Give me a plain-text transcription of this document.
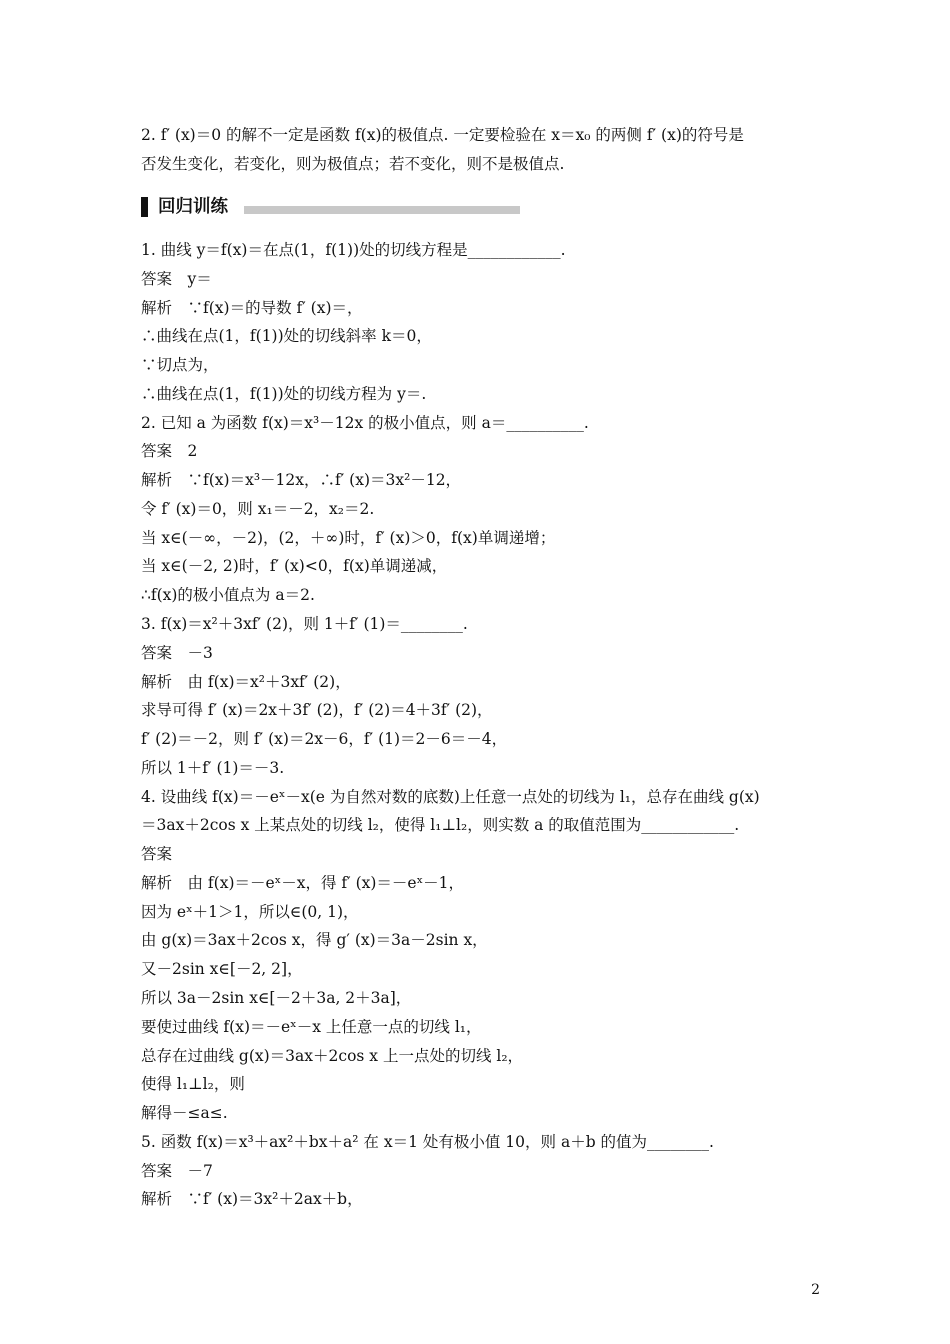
2. f′ (x)＝0 的解不一定是函数 f(x)的极值点. 一定要检验在 x＝x₀ 的两侧 f′ (x)的符号是
否发生变化，若变化，则为极值点；若不变化，则不是极值点.
回归训练
1. 曲线 y＝f(x)＝在点(1，f(1))处的切线方程是____________.
答案　y＝
解析　∵f(x)＝的导数 f′ (x)＝，
∴曲线在点(1，f(1))处的切线斜率 k＝0，
∵切点为，
∴曲线在点(1，f(1))处的切线方程为 y＝.
2. 已知 a 为函数 f(x)＝x³－12x 的极小值点，则 a＝__________.
答案　2
解析　∵f(x)＝x³－12x，∴f′ (x)＝3x²－12，
令 f′ (x)＝0，则 x₁＝－2，x₂＝2.
当 x∈(－∞，－2)，(2，＋∞)时，f′ (x)＞0，f(x)单调递增；
当 x∈(－2, 2)时，f′ (x)<0，f(x)单调递减，
∴f(x)的极小值点为 a＝2.
3. f(x)＝x²＋3xf′ (2)，则 1＋f′ (1)＝________.
答案　－3
解析　由 f(x)＝x²＋3xf′ (2)，
求导可得 f′ (x)＝2x＋3f′ (2)，f′ (2)＝4＋3f′ (2)，
f′ (2)＝－2，则 f′ (x)＝2x－6，f′ (1)＝2－6＝－4，
所以 1＋f′ (1)＝－3.
4. 设曲线 f(x)＝－eˣ－x(e 为自然对数的底数)上任意一点处的切线为 l₁，总存在曲线 g(x)
＝3ax＋2cos x 上某点处的切线 l₂，使得 l₁⊥l₂，则实数 a 的取值范围为____________.
答案
解析　由 f(x)＝－eˣ－x，得 f′ (x)＝－eˣ－1，
因为 eˣ＋1＞1，所以∈(0, 1)，
由 g(x)＝3ax＋2cos x，得 g′ (x)＝3a－2sin x，
又－2sin x∈[－2, 2]，
所以 3a－2sin x∈[－2＋3a, 2＋3a]，
要使过曲线 f(x)＝－eˣ－x 上任意一点的切线 l₁，
总存在过曲线 g(x)＝3ax＋2cos x 上一点处的切线 l₂，
使得 l₁⊥l₂，则
解得－≤a≤.
5. 函数 f(x)＝x³＋ax²＋bx＋a² 在 x＝1 处有极小值 10，则 a＋b 的值为________.
答案　－7
解析　∵f′ (x)＝3x²＋2ax＋b，
2
